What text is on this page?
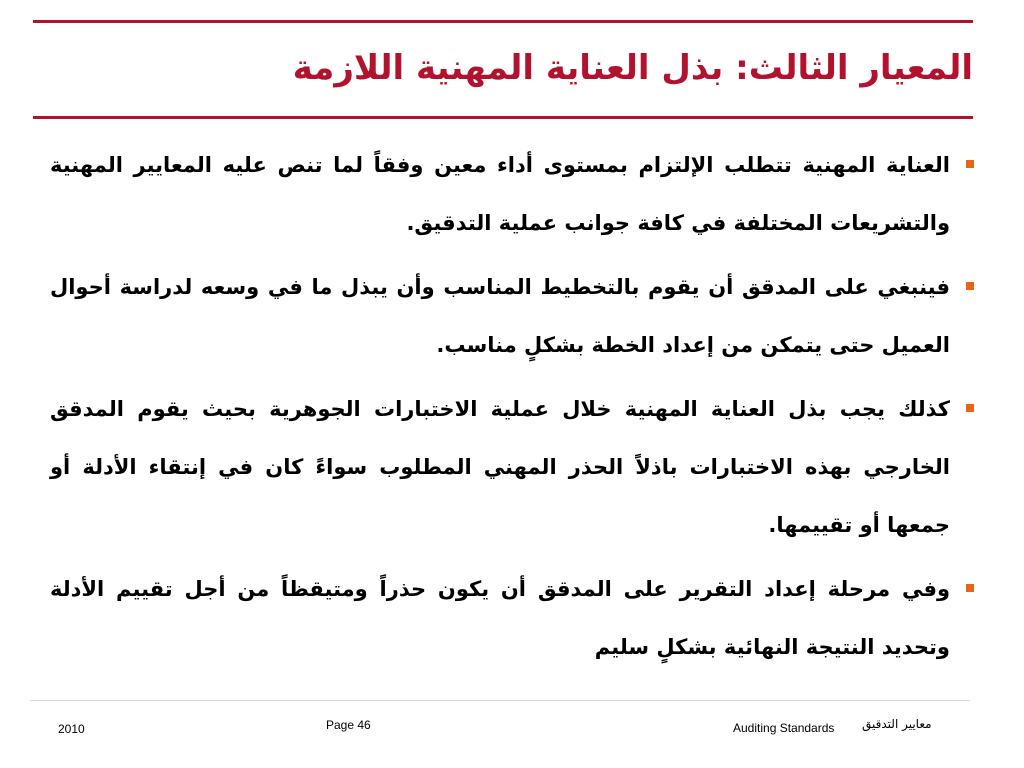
المعيار الثالث: بذل العناية المهنية اللازمة
العناية المهنية تتطلب الإلتزام بمستوى أداء معين وفقاً لما تنص عليه المعايير المهنية والتشريعات المختلفة في كافة جوانب عملية التدقيق.
فينبغي على المدقق أن يقوم بالتخطيط المناسب وأن يبذل ما في وسعه لدراسة أحوال العميل حتى يتمكن من إعداد الخطة بشكلٍ مناسب.
كذلك يجب بذل العناية المهنية خلال عملية الاختبارات الجوهرية بحيث يقوم المدقق الخارجي بهذه الاختبارات باذلاً الحذر المهني المطلوب سواءً كان في إنتقاء الأدلة أو جمعها أو تقييمها.
وفي مرحلة إعداد التقرير على المدقق أن يكون حذراً ومتيقظاً من أجل تقييم الأدلة وتحديد النتيجة النهائية بشكلٍ سليم
2010	Page 46	Auditing Standards معايير التدقيق
